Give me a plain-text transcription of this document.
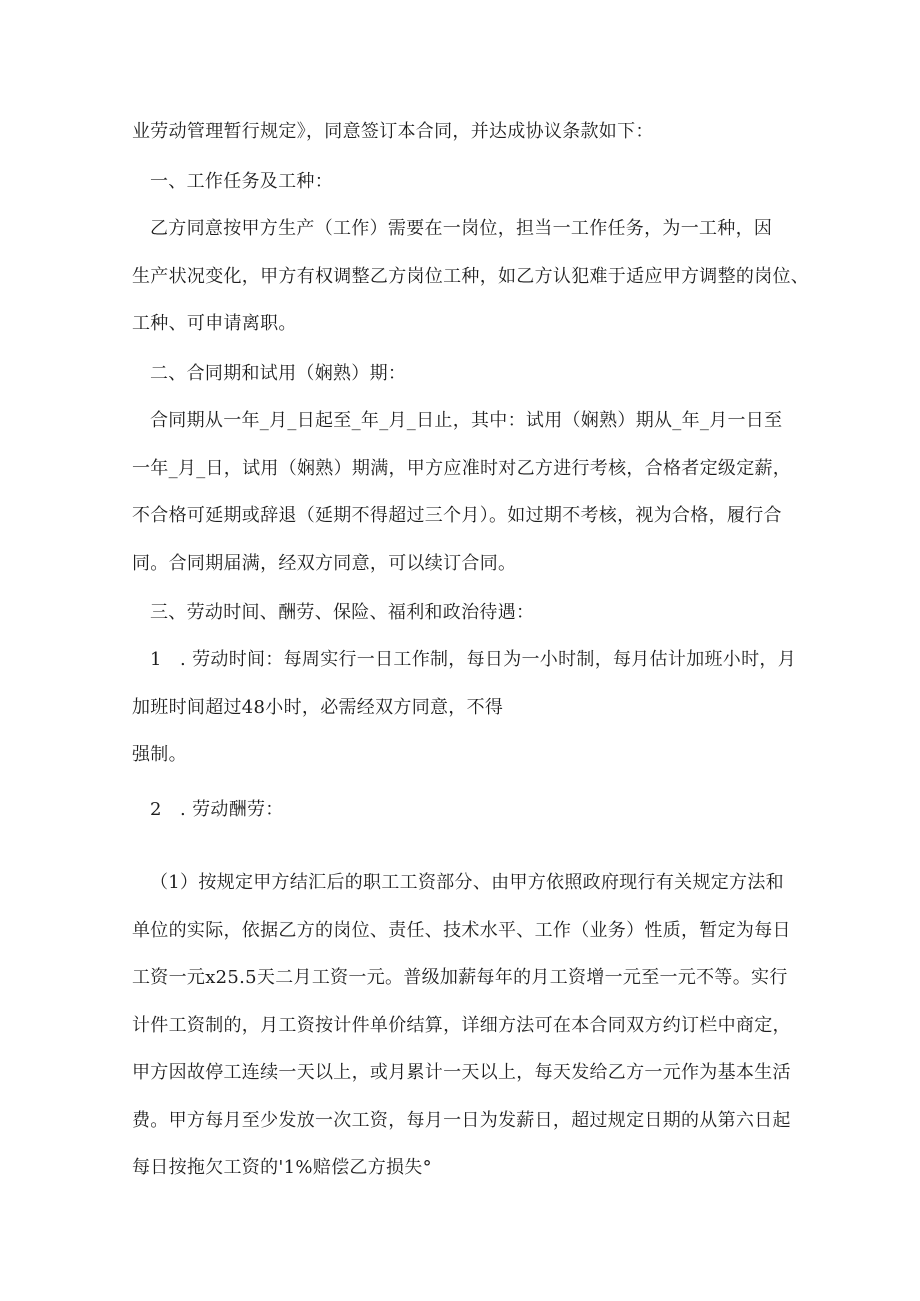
业劳动管理暂行规定》，同意签订本合同，并达成协议条款如下：
一、工作任务及工种：
乙方同意按甲方生产（工作）需要在一岗位，担当一工作任务，为一工种，因
生产状况变化，甲方有权调整乙方岗位工种，如乙方认犯难于适应甲方调整的岗位、
工种、可申请离职。
二、合同期和试用（娴熟）期：
合同期从一年_月_日起至_年_月_日止，其中：试用（娴熟）期从_年_月一日至
一年_月_日，试用（娴熟）期满，甲方应准时对乙方进行考核，合格者定级定薪，
不合格可延期或辞退（延期不得超过三个月）。如过期不考核，视为合格，履行合
同。合同期届满，经双方同意，可以续订合同。
三、劳动时间、酬劳、保险、福利和政治待遇：
1　. 劳动时间：每周实行一日工作制，每日为一小时制，每月估计加班小时，月
加班时间超过48小时，必需经双方同意，不得
强制。
2　. 劳动酬劳：
（1）按规定甲方结汇后的职工工资部分、由甲方依照政府现行有关规定方法和
单位的实际，依据乙方的岗位、责任、技术水平、工作（业务）性质，暂定为每日
工资一元x25.5天二月工资一元。普级加薪每年的月工资增一元至一元不等。实行
计件工资制的，月工资按计件单价结算，详细方法可在本合同双方约订栏中商定，
甲方因故停工连续一天以上，或月累计一天以上，每天发给乙方一元作为基本生活
费。甲方每月至少发放一次工资，每月一日为发薪日，超过规定日期的从第六日起
每日按拖欠工资的'1%赔偿乙方损失°
